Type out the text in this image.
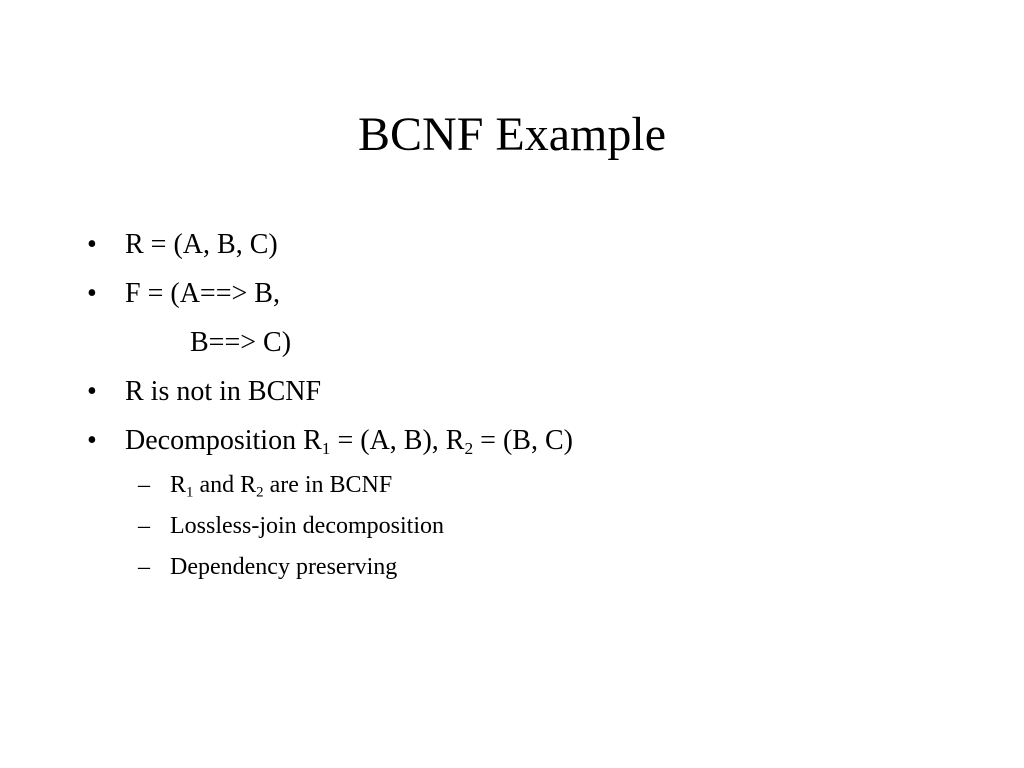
BCNF Example
• R = (A, B, C)
• F = (A==> B,
B==> C)
• R is not in BCNF
• Decomposition $R_1 = (A$, B), $R_2 = (B$, C)
– $R_1$ and $R_2$ are in BCNF
– Lossless-join decomposition
– Dependency preserving
